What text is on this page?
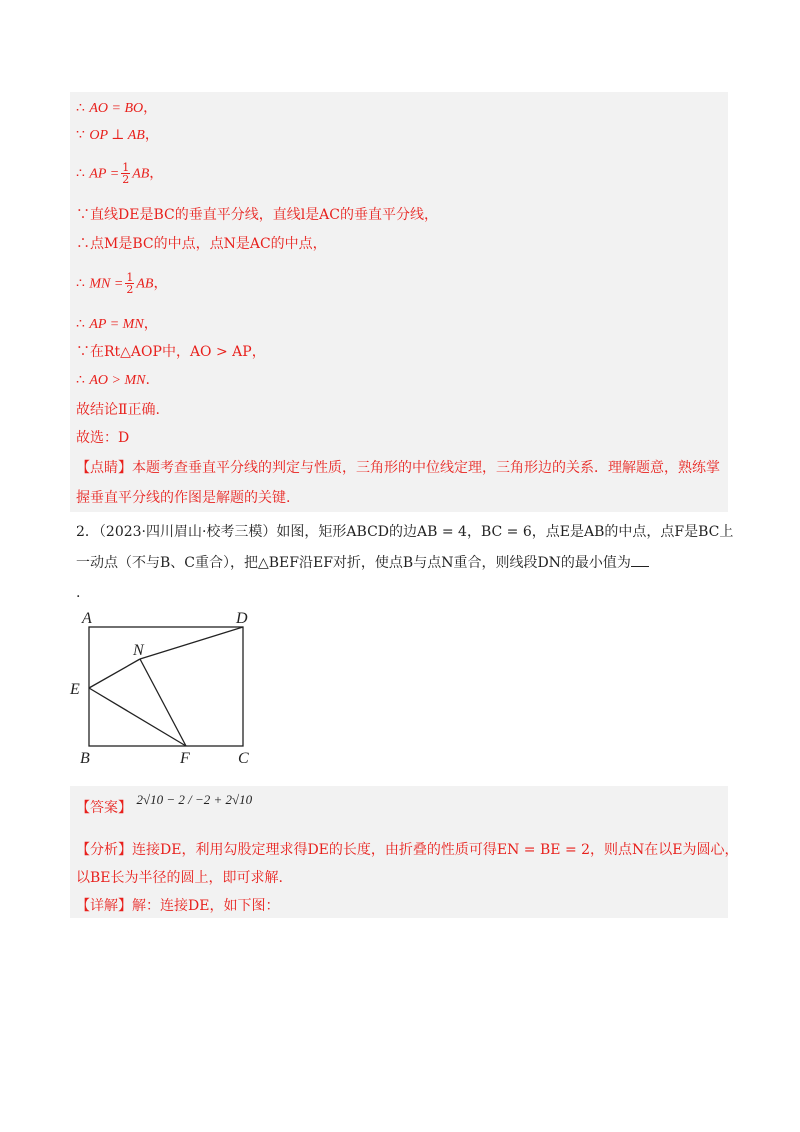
∴ AO = BO，
∵ OP ⊥ AB，
∴ AP = $\frac{1}{2}$ AB，
∵直线DE是BC的垂直平分线，直线l是AC的垂直平分线，
∴点M是BC的中点，点N是AC的中点，
∴ MN = $\frac{1}{2}$ AB，
∴ AP = MN，
∵在Rt△AOP中，AO > AP，
∴ AO > MN.
故结论Ⅱ正确.
故选：D
【点睛】本题考查垂直平分线的判定与性质，三角形的中位线定理，三角形边的关系．理解题意，熟练掌
握垂直平分线的作图是解题的关键.
2．（2023·四川眉山·校考三模）如图，矩形ABCD的边AB = 4，BC = 6，点E是AB的中点，点F是BC上
一动点（不与B、C重合），把△BEF沿EF对折，使点B与点N重合，则线段DN的最小值为
.
A	D
N
E
B	F	C
【答案】 2√10 − 2 / −2 + 2√10
【分析】连接DE，利用勾股定理求得DE的长度，由折叠的性质可得EN = BE = 2，则点N在以E为圆心，
以BE长为半径的圆上，即可求解.
【详解】解：连接DE，如下图：
